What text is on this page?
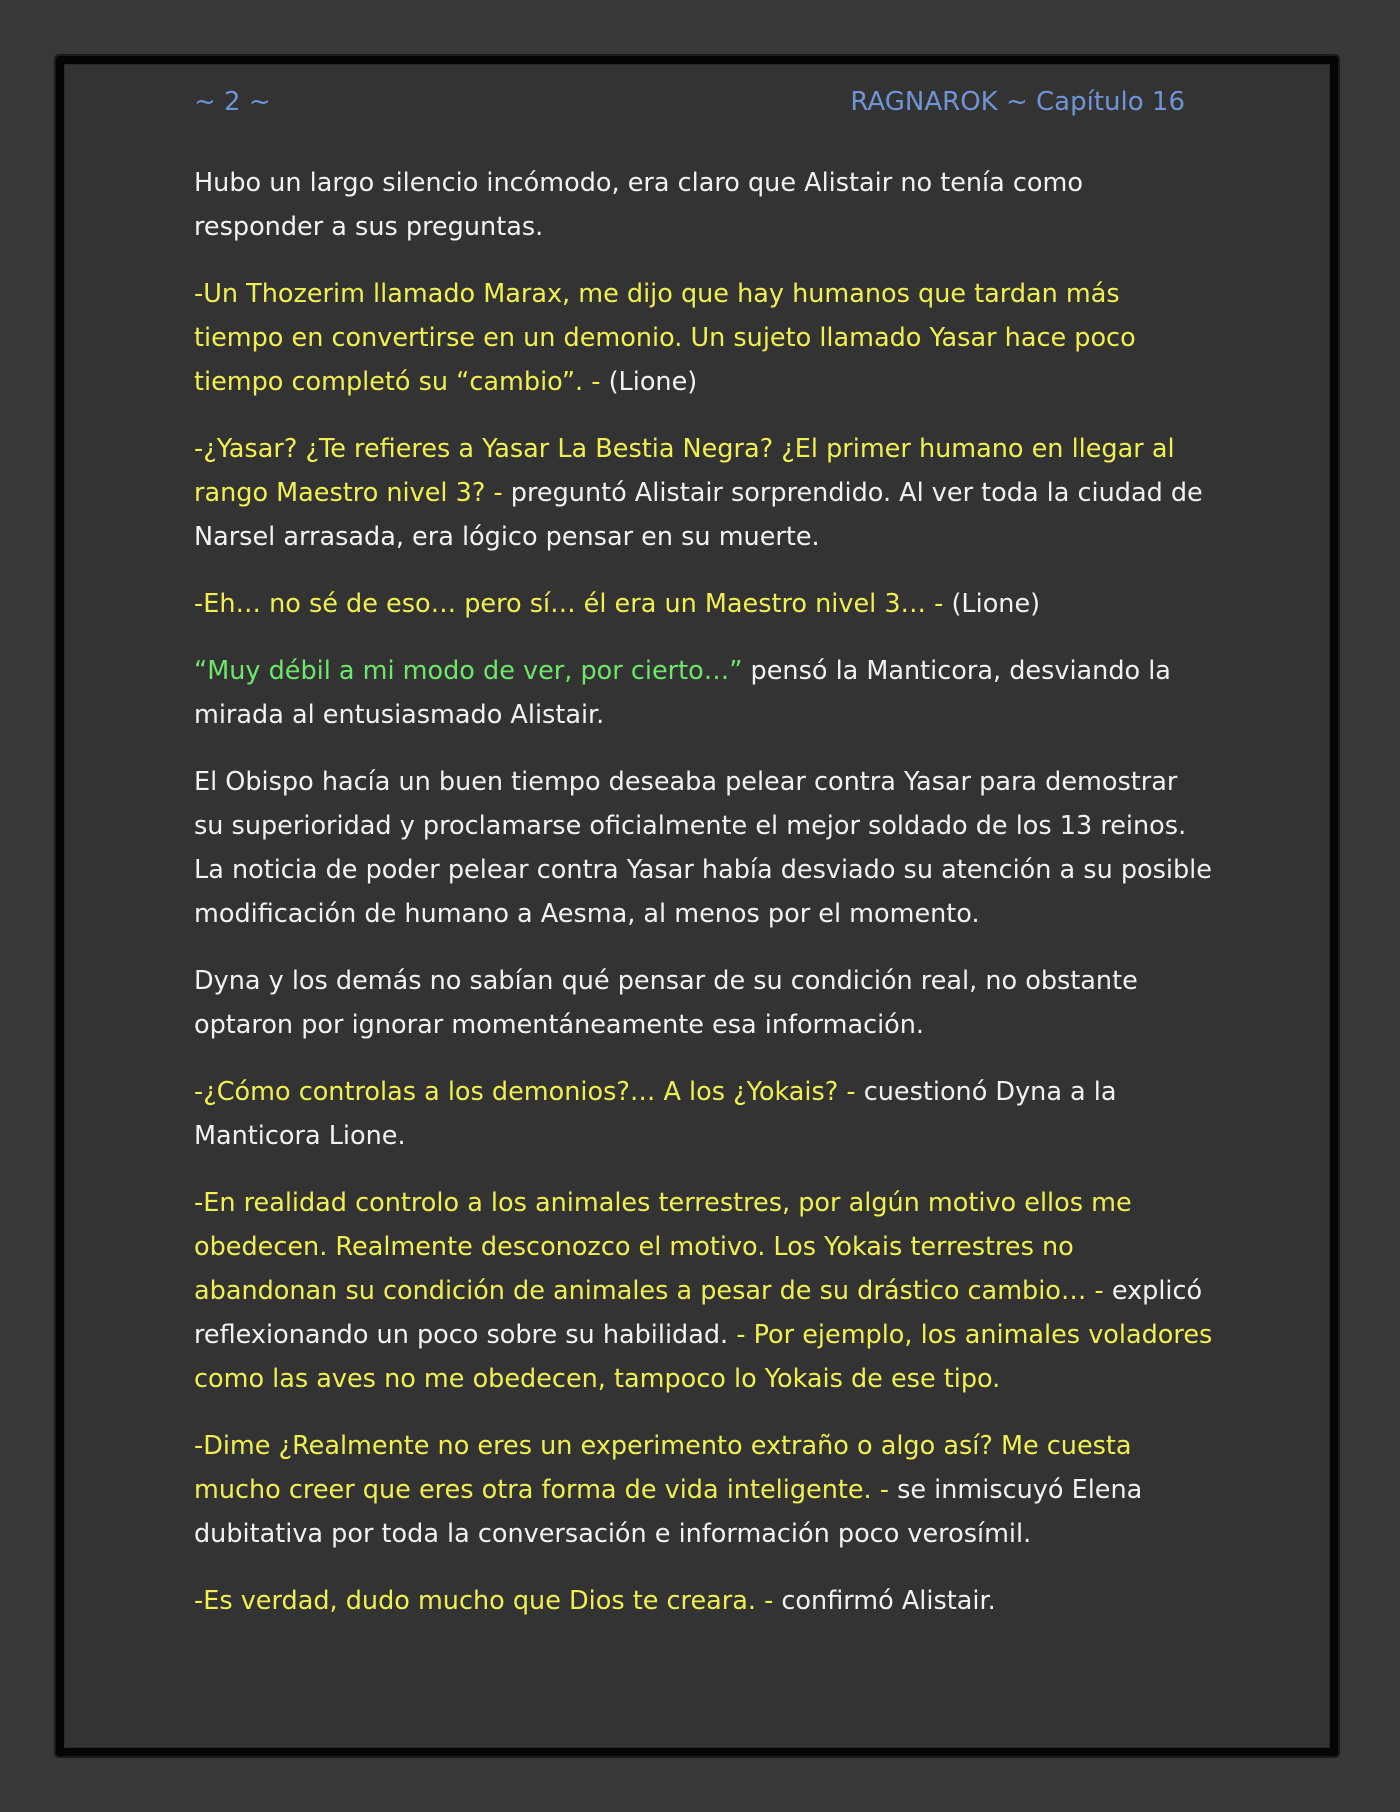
~ 2 ~	RAGNAROK ~ Capítulo 16

Hubo un largo silencio incómodo, era claro que Alistair no tenía como responder a sus preguntas.

-Un Thozerim llamado Marax, me dijo que hay humanos que tardan más tiempo en convertirse en un demonio. Un sujeto llamado Yasar hace poco tiempo completó su “cambio”. - (Lione)

-¿Yasar? ¿Te refieres a Yasar La Bestia Negra? ¿El primer humano en llegar al rango Maestro nivel 3? - preguntó Alistair sorprendido. Al ver toda la ciudad de Narsel arrasada, era lógico pensar en su muerte.

-Eh… no sé de eso… pero sí… él era un Maestro nivel 3… - (Lione)

“Muy débil a mi modo de ver, por cierto…” pensó la Manticora, desviando la mirada al entusiasmado Alistair.

El Obispo hacía un buen tiempo deseaba pelear contra Yasar para demostrar su superioridad y proclamarse oficialmente el mejor soldado de los 13 reinos. La noticia de poder pelear contra Yasar había desviado su atención a su posible modificación de humano a Aesma, al menos por el momento.

Dyna y los demás no sabían qué pensar de su condición real, no obstante optaron por ignorar momentáneamente esa información.

-¿Cómo controlas a los demonios?… A los ¿Yokais? - cuestionó Dyna a la Manticora Lione.

-En realidad controlo a los animales terrestres, por algún motivo ellos me obedecen. Realmente desconozco el motivo. Los Yokais terrestres no abandonan su condición de animales a pesar de su drástico cambio… - explicó reflexionando un poco sobre su habilidad. - Por ejemplo, los animales voladores como las aves no me obedecen, tampoco lo Yokais de ese tipo.

-Dime ¿Realmente no eres un experimento extraño o algo así? Me cuesta mucho creer que eres otra forma de vida inteligente. - se inmiscuyó Elena dubitativa por toda la conversación e información poco verosímil.

-Es verdad, dudo mucho que Dios te creara. - confirmó Alistair.
